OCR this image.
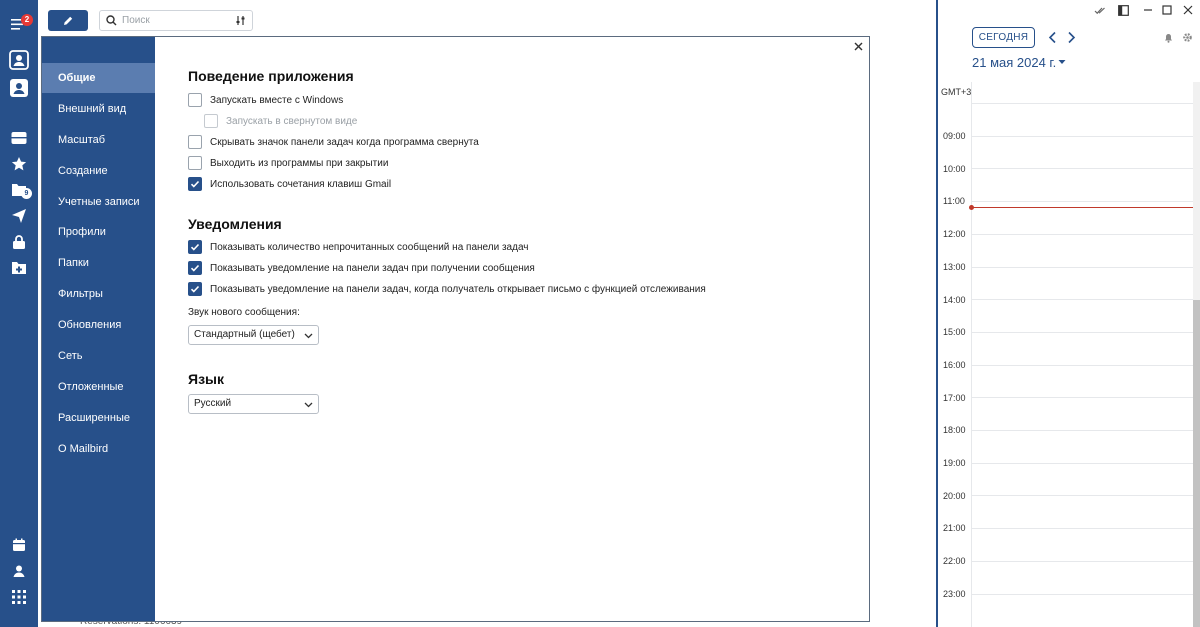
2
9
Поиск
Общие
Внешний вид
Масштаб
Создание
Учетные записи
Профили
Папки
Фильтры
Обновления
Сеть
Отложенные
Расширенные
О Mailbird
Поведение приложения
Запускать вместе с Windows
Запускать в свернутом виде
Скрывать значок панели задач когда программа свернута
Выходить из программы при закрытии
Использовать сочетания клавиш Gmail
Уведомления
Показывать количество непрочитанных сообщений на панели задач
Показывать уведомление на панели задач при получении сообщения
Показывать уведомление на панели задач, когда получатель открывает письмо с функцией отслеживания
Звук нового сообщения:
Стандартный (щебет)
Язык
Русский
СЕГОДНЯ
21 мая 2024 г.
GMT+3
09:00
10:00
11:00
12:00
13:00
14:00
15:00
16:00
17:00
18:00
19:00
20:00
21:00
22:00
23:00
